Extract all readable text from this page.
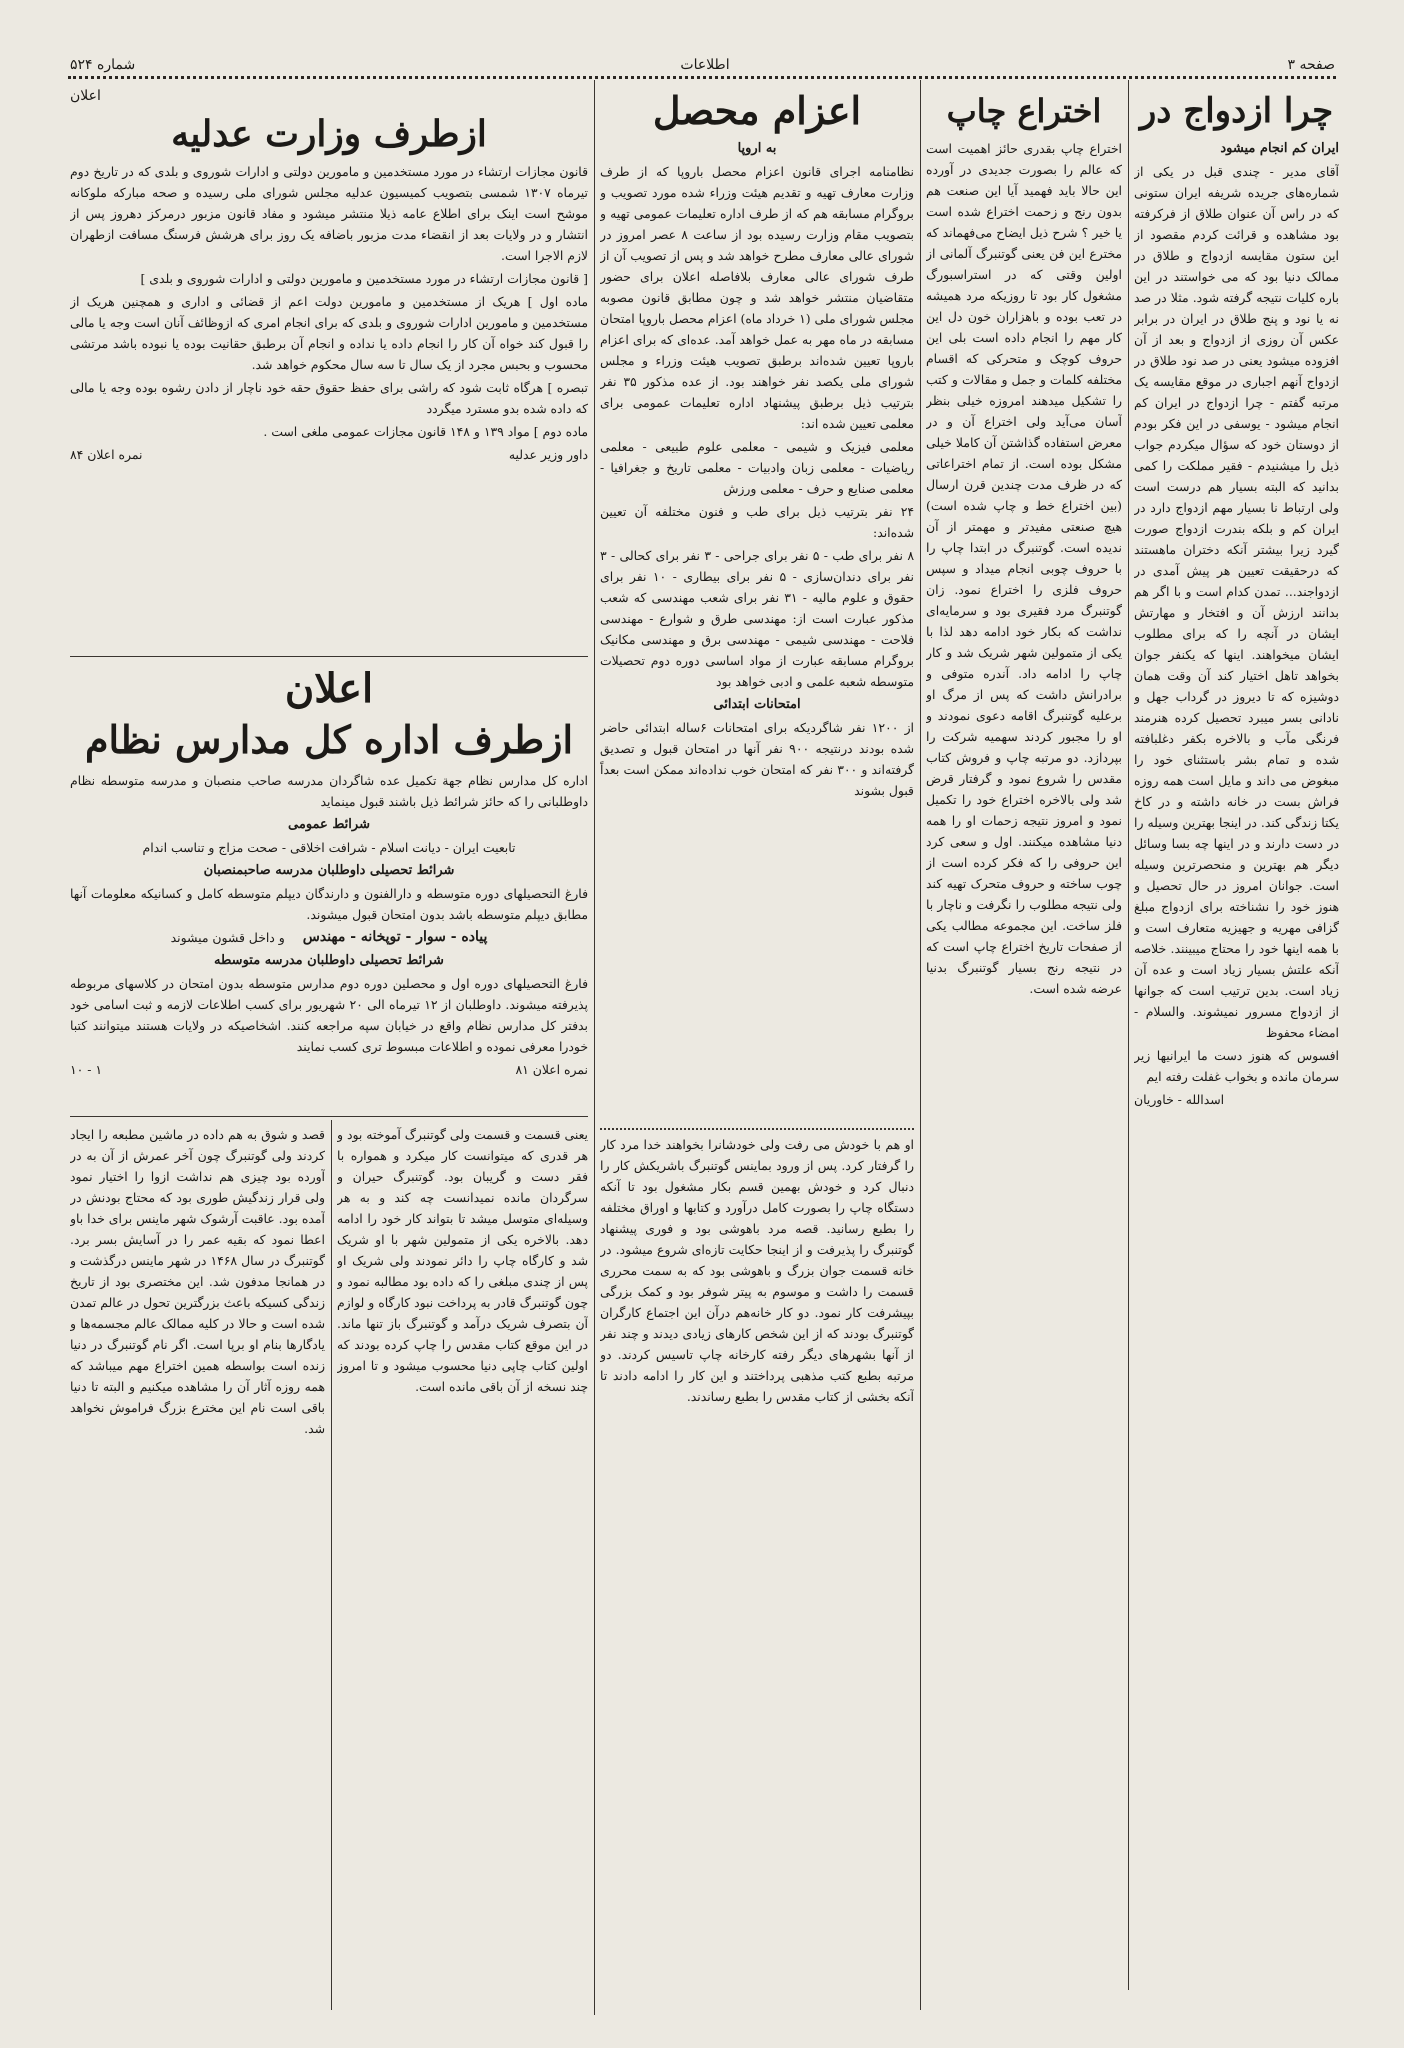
صفحه ۳
اطلاعات
شماره ۵۲۴
چرا ازدواج در
ایران کم انجام میشود

آقای مدیر - چندی قبل در یکی از شماره‌های جریده شریفه ایران ستونی که در راس آن عنوان طلاق از فرکرفته بود مشاهده و قرائت کردم مقصود از این ستون مقایسه ازدواج و طلاق در ممالک دنیا بود که می خواستند در این باره کلیات نتیجه گرفته شود. مثلا در صد نه یا نود و پنج طلاق در ایران در برابر عکس آن روزی از ازدواج و بعد از آن افزوده میشود یعنی در صد نود طلاق در ازدواج آنهم اجباری در موقع مقایسه یک مرتبه گفتم - چرا ازدواج در ایران کم انجام میشود - یوسفی در این فکر بودم از دوستان خود که سؤال میکردم جواب ذیل را میشنیدم - فقیر مملکت را کمی بدانید که البته بسیار هم درست است ولی ارتباط نا بسیار مهم ازدواج دارد در ایران کم و بلکه بندرت ازدواج صورت گیرد زیرا بیشتر آنکه دختران ماهستند که درحقیقت تعیین هر پیش آمدی در ازدواجند... تمدن کدام است و با اگر هم بدانند ارزش آن و افتخار و مهارتش ایشان در آنچه را که برای مطلوب ایشان میخواهند. اینها که یکنفر جوان بخواهد تاهل اختیار کند آن وقت همان دوشیزه که تا دیروز در گرداب جهل و نادانی بسر میبرد تحصیل کرده هنرمند فرنگی مآب و بالاخره بکفر دغلبافته شده و تمام بشر باستثنای خود را مبغوض می داند و مایل است همه روزه فراش بست در خانه داشته و در کاخ یکتا زندگی کند. در اینجا بهترین وسیله را در دست دارند و در اینها چه بسا وسائل دیگر هم بهترین و منحصرترین وسیله است. جوانان امروز در حال تحصیل و هنوز خود را نشناخته برای ازدواج مبلغ گزافی مهریه و جهیزیه متعارف است و با همه اینها خود را محتاج میبینند. خلاصه آنکه علتش بسیار زیاد است و عده آن زیاد است. بدین ترتیب است که جوانها از ازدواج مسرور نمیشوند. والسلام - امضاء محفوظ

افسوس که هنوز دست ما ایرانیها زیر سرمان مانده و بخواب غفلت رفته ایم

اسدالله - خاوریان

اختراع چاپ

اختراع چاپ بقدری حائز اهمیت است که عالم را بصورت جدیدی در آورده این حالا باید فهمید آیا این صنعت هم بدون رنج و زحمت اختراع شده است یا خیر ؟ شرح ذیل ایضاح می‌فهماند که مخترع این فن یعنی گوتنبرگ آلمانی از اولین وقتی که در استراسبورگ مشغول کار بود تا روزیکه مرد همیشه در تعب بوده و باهزاران خون دل این کار مهم را انجام داده است بلی این حروف کوچک و متحرکی که اقسام مختلفه کلمات و جمل و مقالات و کتب را تشکیل میدهند امروزه خیلی بنظر آسان می‌آید ولی اختراع آن و در معرض استفاده گذاشتن آن کاملا خیلی مشکل بوده است. از تمام اختراعاتی که در ظرف مدت چندین قرن ارسال (بین اختراع خط و چاپ شده است) هیچ صنعتی مفیدتر و مهمتر از آن ندیده است. گوتنبرگ در ابتدا چاپ را با حروف چوبی انجام میداد و سپس حروف فلزی را اختراع نمود. زان گوتنبرگ مرد فقیری بود و سرمایه‌ای نداشت که بکار خود ادامه دهد لذا با یکی از متمولین شهر شریک شد و کار چاپ را ادامه داد. آندره متوفی و برادرانش داشت که پس از مرگ او برعلیه گوتنبرگ اقامه دعوی نمودند و او را مجبور کردند سهمیه شرکت را بپردازد. دو مرتبه چاپ و فروش کتاب مقدس را شروع نمود و گرفتار قرض شد ولی بالاخره اختراع خود را تکمیل نمود و امروز نتیجه زحمات او را همه دنیا مشاهده میکنند. اول و سعی کرد این حروفی را که فکر کرده است از چوب ساخته و حروف متحرک تهیه کند ولی نتیجه مطلوب را نگرفت و ناچار با فلز ساخت. این مجموعه مطالب یکی از صفحات تاریخ اختراع چاپ است که در نتیجه رنج بسیار گوتنبرگ بدنیا عرضه شده است.

اعزام محصل
به اروپا

نظامنامه اجرای قانون اعزام محصل باروپا که از طرف وزارت معارف تهیه و تقدیم هیئت وزراء شده مورد تصویب و بروگرام مسابقه هم که از طرف اداره تعلیمات عمومی تهیه و بتصویب مقام وزارت رسیده بود از ساعت ۸ عصر امروز در شورای عالی معارف مطرح خواهد شد و پس از تصویب آن از طرف شورای عالی معارف بلافاصله اعلان برای حضور متقاضیان منتشر خواهد شد و چون مطابق قانون مصوبه مجلس شورای ملی (۱ خرداد ماه) اعزام محصل باروپا امتحان مسابقه در ماه مهر به عمل خواهد آمد. عده‌ای که برای اعزام باروپا تعیین شده‌اند برطبق تصویب هیئت وزراء و مجلس شورای ملی یکصد نفر خواهند بود. از عده مذکور ۳۵ نفر بترتیب ذیل برطبق پیشنهاد اداره تعلیمات عمومی برای معلمی تعیین شده اند:

معلمی فیزیک و شیمی - معلمی علوم طبیعی - معلمی ریاضیات - معلمی زبان وادبیات - معلمی تاریخ و جغرافیا - معلمی صنایع و حرف - معلمی ورزش

۲۴ نفر بترتیب ذیل برای طب و فنون مختلفه آن تعیین شده‌اند:

۸ نفر برای طب - ۵ نفر برای جراحی - ۳ نفر برای کحالی - ۳ نفر برای دندان‌سازی - ۵ نفر برای بیطاری - ۱۰ نفر برای حقوق و علوم مالیه - ۳۱ نفر برای شعب مهندسی که شعب مذکور عبارت است از: مهندسی طرق و شوارع - مهندسی فلاحت - مهندسی شیمی - مهندسی برق و مهندسی مکانیک بروگرام مسابقه عبارت از مواد اساسی دوره دوم تحصیلات متوسطه شعبه علمی و ادبی خواهد بود

امتحانات ابتدائی

از ۱۲۰۰ نفر شاگردیکه برای امتحانات ۶ساله ابتدائی حاضر شده بودند درنتیجه ۹۰۰ نفر آنها در امتحان قبول و تصدیق گرفته‌اند و ۳۰۰ نفر که امتحان خوب نداده‌اند ممکن است بعداً قبول بشوند

اعلان
ازطرف وزارت عدلیه

قانون مجازات ارتشاء در مورد مستخدمین و مامورین دولتی و ادارات شوروی و بلدی که در تاریخ دوم تیرماه ۱۳۰۷ شمسی بتصویب کمیسیون عدلیه مجلس شورای ملی رسیده و صحه مبارکه ملوکانه موشح است اینک برای اطلاع عامه ذیلا منتشر میشود و مفاد قانون مزبور درمرکز دهروز پس از انتشار و در ولایات بعد از انقضاء مدت مزبور باضافه یک روز برای هرشش فرسنگ مسافت ازطهران لازم الاجرا است.

[ قانون مجازات ارتشاء در مورد مستخدمین و مامورین دولتی و ادارات شوروی و بلدی ]

ماده اول ] هریک از مستخدمین و مامورین دولت اعم از قضائی و اداری و همچنین هریک از مستخدمین و مامورین ادارات شوروی و بلدی که برای انجام امری که ازوظائف آنان است وجه یا مالی را قبول کند خواه آن کار را انجام داده یا نداده و انجام آن برطبق حقانیت بوده یا نبوده باشد مرتشی محسوب و بحبس مجرد از یک سال تا سه سال محکوم خواهد شد.

تبصره ] هرگاه ثابت شود که راشی برای حفظ حقوق حقه خود ناچار از دادن رشوه بوده وجه یا مالی که داده شده بدو مسترد میگردد

ماده دوم ] مواد ۱۳۹ و ۱۴۸ قانون مجازات عمومی ملغی است .

داور وزیر عدلیه
نمره اعلان ۸۴
اعلان
ازطرف اداره کل مدارس نظام

اداره کل مدارس نظام جهة تکمیل عده شاگردان مدرسه صاحب منصبان و مدرسه متوسطه نظام داوطلبانی را که حائز شرائط ذیل باشند قبول مینماید

شرائط عمومی

تابعیت ایران - دیانت اسلام - شرافت اخلاقی - صحت مزاج و تناسب اندام

شرائط تحصیلی داوطلبان مدرسه صاحبمنصبان

فارغ التحصیلهای دوره متوسطه و دارالفنون و دارندگان دیپلم متوسطه کامل و کسانیکه معلومات آنها مطابق دیپلم متوسطه باشد بدون امتحان قبول میشوند.

پیاده - سوار - توپخانه - مهندس
و داخل قشون میشوند
شرائط تحصیلی داوطلبان مدرسه متوسطه

فارغ التحصیلهای دوره اول و محصلین دوره دوم مدارس متوسطه بدون امتحان در کلاسهای مربوطه پذیرفته میشوند. داوطلبان از ۱۲ تیرماه الی ۲۰ شهریور برای کسب اطلاعات لازمه و ثبت اسامی خود بدفتر کل مدارس نظام واقع در خیابان سپه مراجعه کنند. اشخاصیکه در ولایات هستند میتوانند کتبا خودرا معرفی نموده و اطلاعات مبسوط تری کسب نمایند

نمره اعلان ۸۱
۱ - ۱۰

قصد و شوق به هم داده در ماشین مطبعه را ایجاد کردند ولی گوتنبرگ چون آخر عمرش از آن به در آورده بود چیزی هم نداشت ازوا را اختیار نمود ولی قرار زندگیش طوری بود که محتاج بودنش در آمده بود. عاقبت آرشوک شهر ماینس برای خدا باو اعطا نمود که بقیه عمر را در آسایش بسر برد. گوتنبرگ در سال ۱۴۶۸ در شهر ماینس درگذشت و در همانجا مدفون شد. این مختصری بود از تاریخ زندگی کسیکه باعث بزرگترین تحول در عالم تمدن شده است و حالا در کلیه ممالک عالم مجسمه‌ها و یادگارها بنام او برپا است. اگر نام گوتنبرگ در دنیا زنده است بواسطه همین اختراع مهم میباشد که همه روزه آثار آن را مشاهده میکنیم و البته تا دنیا باقی است نام این مخترع بزرگ فراموش نخواهد شد.

یعنی قسمت و قسمت ولی گوتنبرگ آموخته بود و هر قدری که میتوانست کار میکرد و همواره با فقر دست و گریبان بود. گوتنبرگ حیران و سرگردان مانده نمیدانست چه کند و به هر وسیله‌ای متوسل میشد تا بتواند کار خود را ادامه دهد. بالاخره یکی از متمولین شهر با او شریک شد و کارگاه چاپ را دائر نمودند ولی شریک او پس از چندی مبلغی را که داده بود مطالبه نمود و چون گوتنبرگ قادر به پرداخت نبود کارگاه و لوازم آن بتصرف شریک درآمد و گوتنبرگ باز تنها ماند. در این موقع کتاب مقدس را چاپ کرده بودند که اولین کتاب چاپی دنیا محسوب میشود و تا امروز چند نسخه از آن باقی مانده است.

او هم با خودش می رفت ولی خودشانرا بخواهند خدا مرد کار را گرفتار کرد. پس از ورود بماینس گوتنبرگ باشریکش کار را دنبال کرد و خودش بهمین قسم بکار مشغول بود تا آنکه دستگاه چاپ را بصورت کامل درآورد و کتابها و اوراق مختلفه را بطبع رسانید. قصه مرد باهوشی بود و فوری پیشنهاد گوتنبرگ را پذیرفت و از اینجا حکایت تازه‌ای شروع میشود. در خانه قسمت جوان بزرگ و باهوشی بود که به سمت محرری قسمت را داشت و موسوم به پیتر شوفر بود و کمک بزرگی بپیشرفت کار نمود. دو کار خانه‌هم درآن این اجتماع کارگران گوتنبرگ بودند که از این شخص کارهای زیادی دیدند و چند نفر از آنها بشهرهای دیگر رفته کارخانه چاپ تاسیس کردند. دو مرتبه بطبع کتب مذهبی پرداختند و این کار را ادامه دادند تا آنکه بخشی از کتاب مقدس را بطبع رساندند.
